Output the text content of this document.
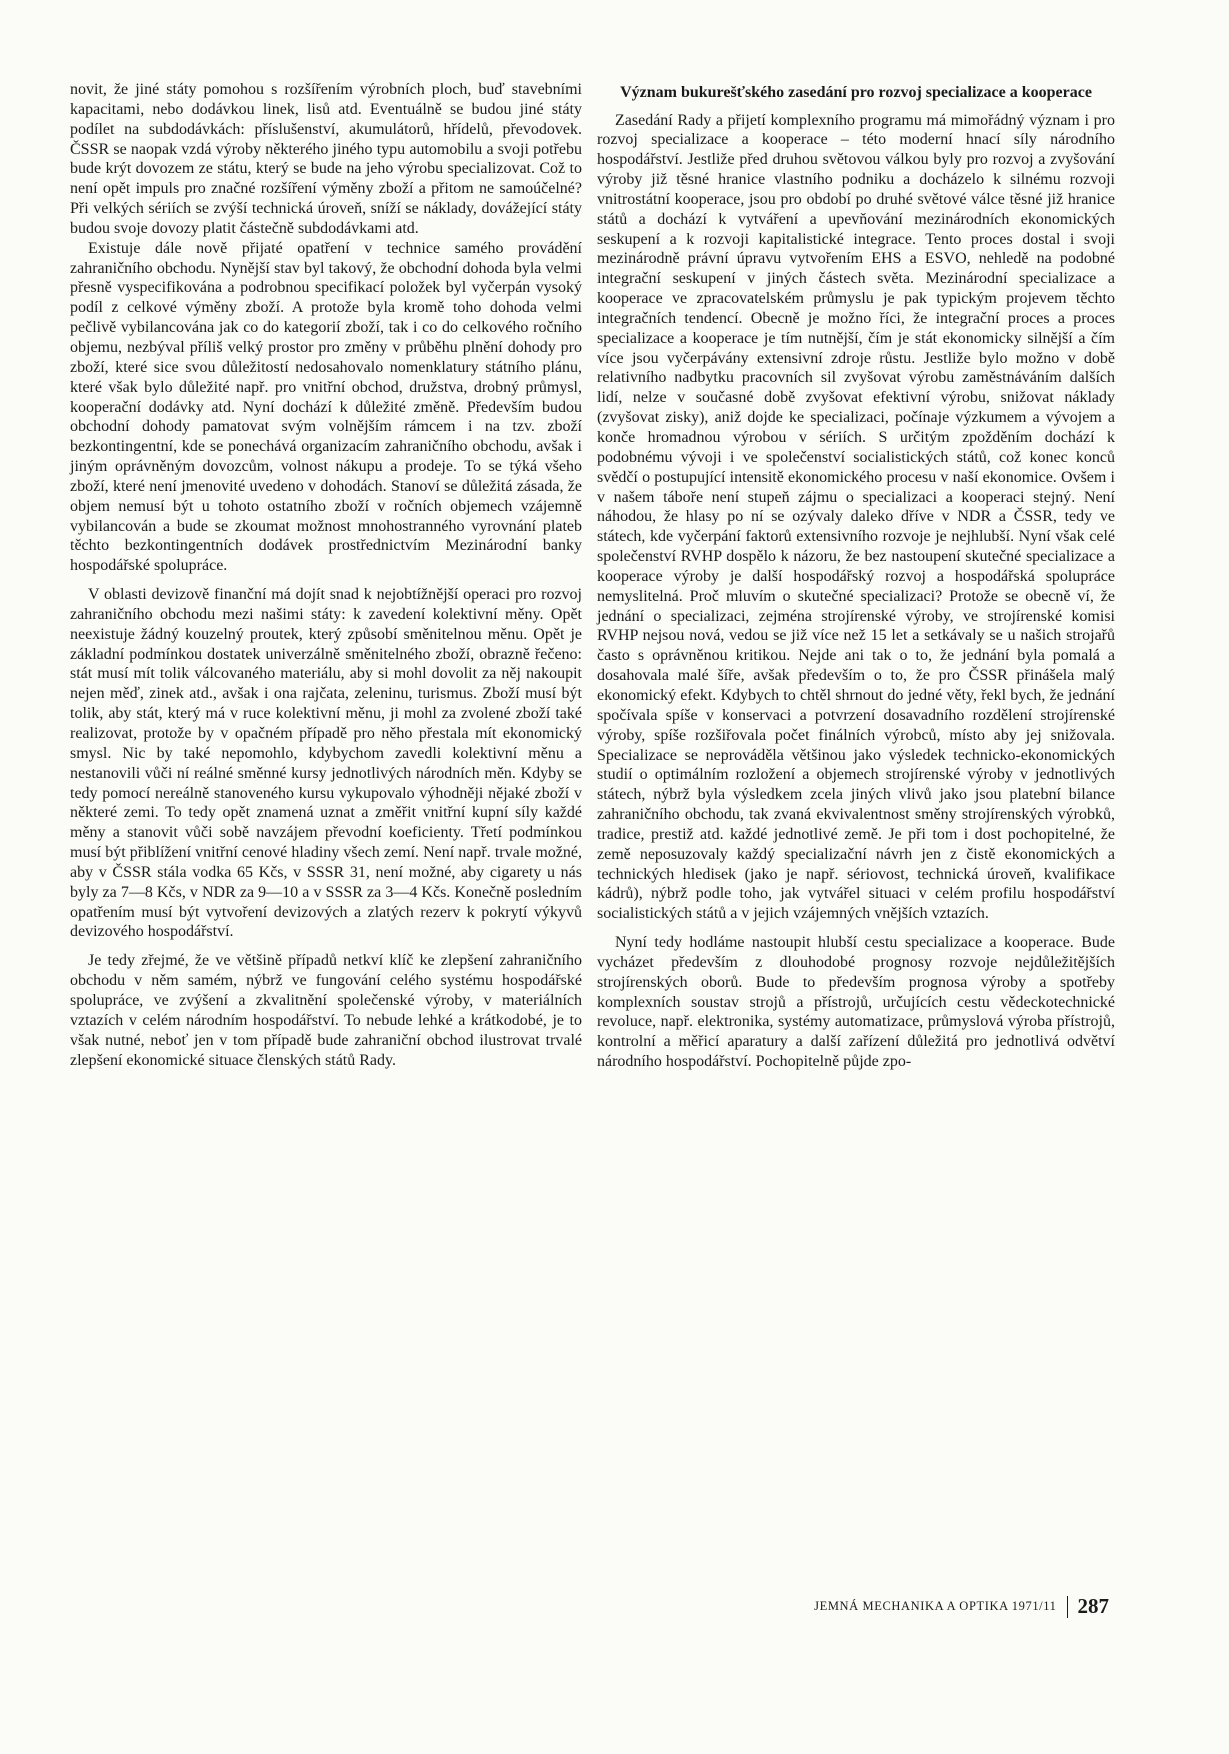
novit, že jiné státy pomohou s rozšířením výrobních ploch, buď stavebními kapacitami, nebo dodávkou linek, lisů atd. Eventuálně se budou jiné státy podílet na subdodávkách: příslušenství, akumulátorů, hřídelů, převodovek. ČSSR se naopak vzdá výroby některého jiného typu automobilu a svoji potřebu bude krýt dovozem ze státu, který se bude na jeho výrobu specializovat. Což to není opět impuls pro značné rozšíření výměny zboží a přitom ne samoúčelné? Při velkých sériích se zvýší technická úroveň, sníží se náklady, dovážející státy budou svoje dovozy platit částečně subdodávkami atd.

Existuje dále nově přijaté opatření v technice samého provádění zahraničního obchodu. Nynější stav byl takový, že obchodní dohoda byla velmi přesně vyspecifikována a podrobnou specifikací položek byl vyčerpán vysoký podíl z celkové výměny zboží. A protože byla kromě toho dohoda velmi pečlivě vybilancována jak co do kategorií zboží, tak i co do celkového ročního objemu, nezbýval příliš velký prostor pro změny v průběhu plnění dohody pro zboží, které sice svou důležitostí nedosahovalo nomenklatury státního plánu, které však bylo důležité např. pro vnitřní obchod, družstva, drobný průmysl, kooperační dodávky atd. Nyní dochází k důležité změně. Především budou obchodní dohody pamatovat svým volnějším rámcem i na tzv. zboží bezkontingentní, kde se ponechává organizacím zahraničního obchodu, avšak i jiným oprávněným dovozcům, volnost nákupu a prodeje. To se týká všeho zboží, které není jmenovité uvedeno v dohodách. Stanoví se důležitá zásada, že objem nemusí být u tohoto ostatního zboží v ročních objemech vzájemně vybilancován a bude se zkoumat možnost mnohostranného vyrovnání plateb těchto bezkontingentních dodávek prostřednictvím Mezinárodní banky hospodářské spolupráce.

V oblasti devizově finanční má dojít snad k nejobtížnější operaci pro rozvoj zahraničního obchodu mezi našimi státy: k zavedení kolektivní měny. Opět neexistuje žádný kouzelný proutek, který způsobí směnitelnou měnu. Opět je základní podmínkou dostatek univerzálně směnitelného zboží, obrazně řečeno: stát musí mít tolik válcovaného materiálu, aby si mohl dovolit za něj nakoupit nejen měď, zinek atd., avšak i ona rajčata, zeleninu, turismus. Zboží musí být tolik, aby stát, který má v ruce kolektivní měnu, ji mohl za zvolené zboží také realizovat, protože by v opačném případě pro něho přestala mít ekonomický smysl. Nic by také nepomohlo, kdybychom zavedli kolektivní měnu a nestanovili vůči ní reálné směnné kursy jednotlivých národních měn. Kdyby se tedy pomocí nereálně stanoveného kursu vykupovalo výhodněji nějaké zboží v některé zemi. To tedy opět znamená uznat a změřit vnitřní kupní síly každé měny a stanovit vůči sobě navzájem převodní koeficienty. Třetí podmínkou musí být přiblížení vnitřní cenové hladiny všech zemí. Není např. trvale možné, aby v ČSSR stála vodka 65 Kčs, v SSSR 31, není možné, aby cigarety u nás byly za 7—8 Kčs, v NDR za 9—10 a v SSSR za 3—4 Kčs. Konečně posledním opatřením musí být vytvoření devizových a zlatých rezerv k pokrytí výkyvů devizového hospodářství.

Je tedy zřejmé, že ve většině případů netkví klíč ke zlepšení zahraničního obchodu v něm samém, nýbrž ve fungování celého systému hospodářské spolupráce, ve zvýšení a zkvalitnění společenské výroby, v materiálních vztazích v celém národním hospodářství. To nebude lehké a krátkodobé, je to však nutné, neboť jen v tom případě bude zahraniční obchod ilustrovat trvalé zlepšení ekonomické situace členských států Rady.

Význam bukurešťského zasedání pro rozvoj specializace a kooperace

Zasedání Rady a přijetí komplexního programu má mimořádný význam i pro rozvoj specializace a kooperace – této moderní hnací síly národního hospodářství. Jestliže před druhou světovou válkou byly pro rozvoj a zvyšování výroby již těsné hranice vlastního podniku a docházelo k silnému rozvoji vnitrostátní kooperace, jsou pro období po druhé světové válce těsné již hranice států a dochází k vytváření a upevňování mezinárodních ekonomických seskupení a k rozvoji kapitalistické integrace. Tento proces dostal i svoji mezinárodně právní úpravu vytvořením EHS a ESVO, nehledě na podobné integrační seskupení v jiných částech světa. Mezinárodní specializace a kooperace ve zpracovatelském průmyslu je pak typickým projevem těchto integračních tendencí. Obecně je možno říci, že integrační proces a proces specializace a kooperace je tím nutnější, čím je stát ekonomicky silnější a čím více jsou vyčerpávány extensivní zdroje růstu. Jestliže bylo možno v době relativního nadbytku pracovních sil zvyšovat výrobu zaměstnáváním dalších lidí, nelze v současné době zvyšovat efektivní výrobu, snižovat náklady (zvyšovat zisky), aniž dojde ke specializaci, počínaje výzkumem a vývojem a konče hromadnou výrobou v sériích. S určitým zpožděním dochází k podobnému vývoji i ve společenství socialistických států, což konec konců svědčí o postupující intensitě ekonomického procesu v naší ekonomice. Ovšem i v našem táboře není stupeň zájmu o specializaci a kooperaci stejný. Není náhodou, že hlasy po ní se ozývaly daleko dříve v NDR a ČSSR, tedy ve státech, kde vyčerpání faktorů extensivního rozvoje je nejhlubší. Nyní však celé společenství RVHP dospělo k názoru, že bez nastoupení skutečné specializace a kooperace výroby je další hospodářský rozvoj a hospodářská spolupráce nemyslitelná. Proč mluvím o skutečné specializaci? Protože se obecně ví, že jednání o specializaci, zejména strojírenské výroby, ve strojírenské komisi RVHP nejsou nová, vedou se již více než 15 let a setkávaly se u našich strojařů často s oprávněnou kritikou. Nejde ani tak o to, že jednání byla pomalá a dosahovala malé šíře, avšak především o to, že pro ČSSR přinášela malý ekonomický efekt. Kdybych to chtěl shrnout do jedné věty, řekl bych, že jednání spočívala spíše v konservaci a potvrzení dosavadního rozdělení strojírenské výroby, spíše rozšiřovala počet finálních výrobců, místo aby jej snižovala. Specializace se neprováděla většinou jako výsledek technicko-ekonomických studií o optimálním rozložení a objemech strojírenské výroby v jednotlivých státech, nýbrž byla výsledkem zcela jiných vlivů jako jsou platební bilance zahraničního obchodu, tak zvaná ekvivalentnost směny strojírenských výrobků, tradice, prestiž atd. každé jednotlivé země. Je při tom i dost pochopitelné, že země neposuzovaly každý specializační návrh jen z čistě ekonomických a technických hledisek (jako je např. sériovost, technická úroveň, kvalifikace kádrů), nýbrž podle toho, jak vytvářel situaci v celém profilu hospodářství socialistických států a v jejich vzájemných vnějších vztazích.

Nyní tedy hodláme nastoupit hlubší cestu specializace a kooperace. Bude vycházet především z dlouhodobé prognosy rozvoje nejdůležitějších strojírenských oborů. Bude to především prognosa výroby a spotřeby komplexních soustav strojů a přístrojů, určujících cestu vědeckotechnické revoluce, např. elektronika, systémy automatizace, průmyslová výroba přístrojů, kontrolní a měřicí aparatury a další zařízení důležitá pro jednotlivá odvětví národního hospodářství. Pochopitelně půjde zpo-

JEMNÁ MECHANIKA A OPTIKA 1971/11 287
